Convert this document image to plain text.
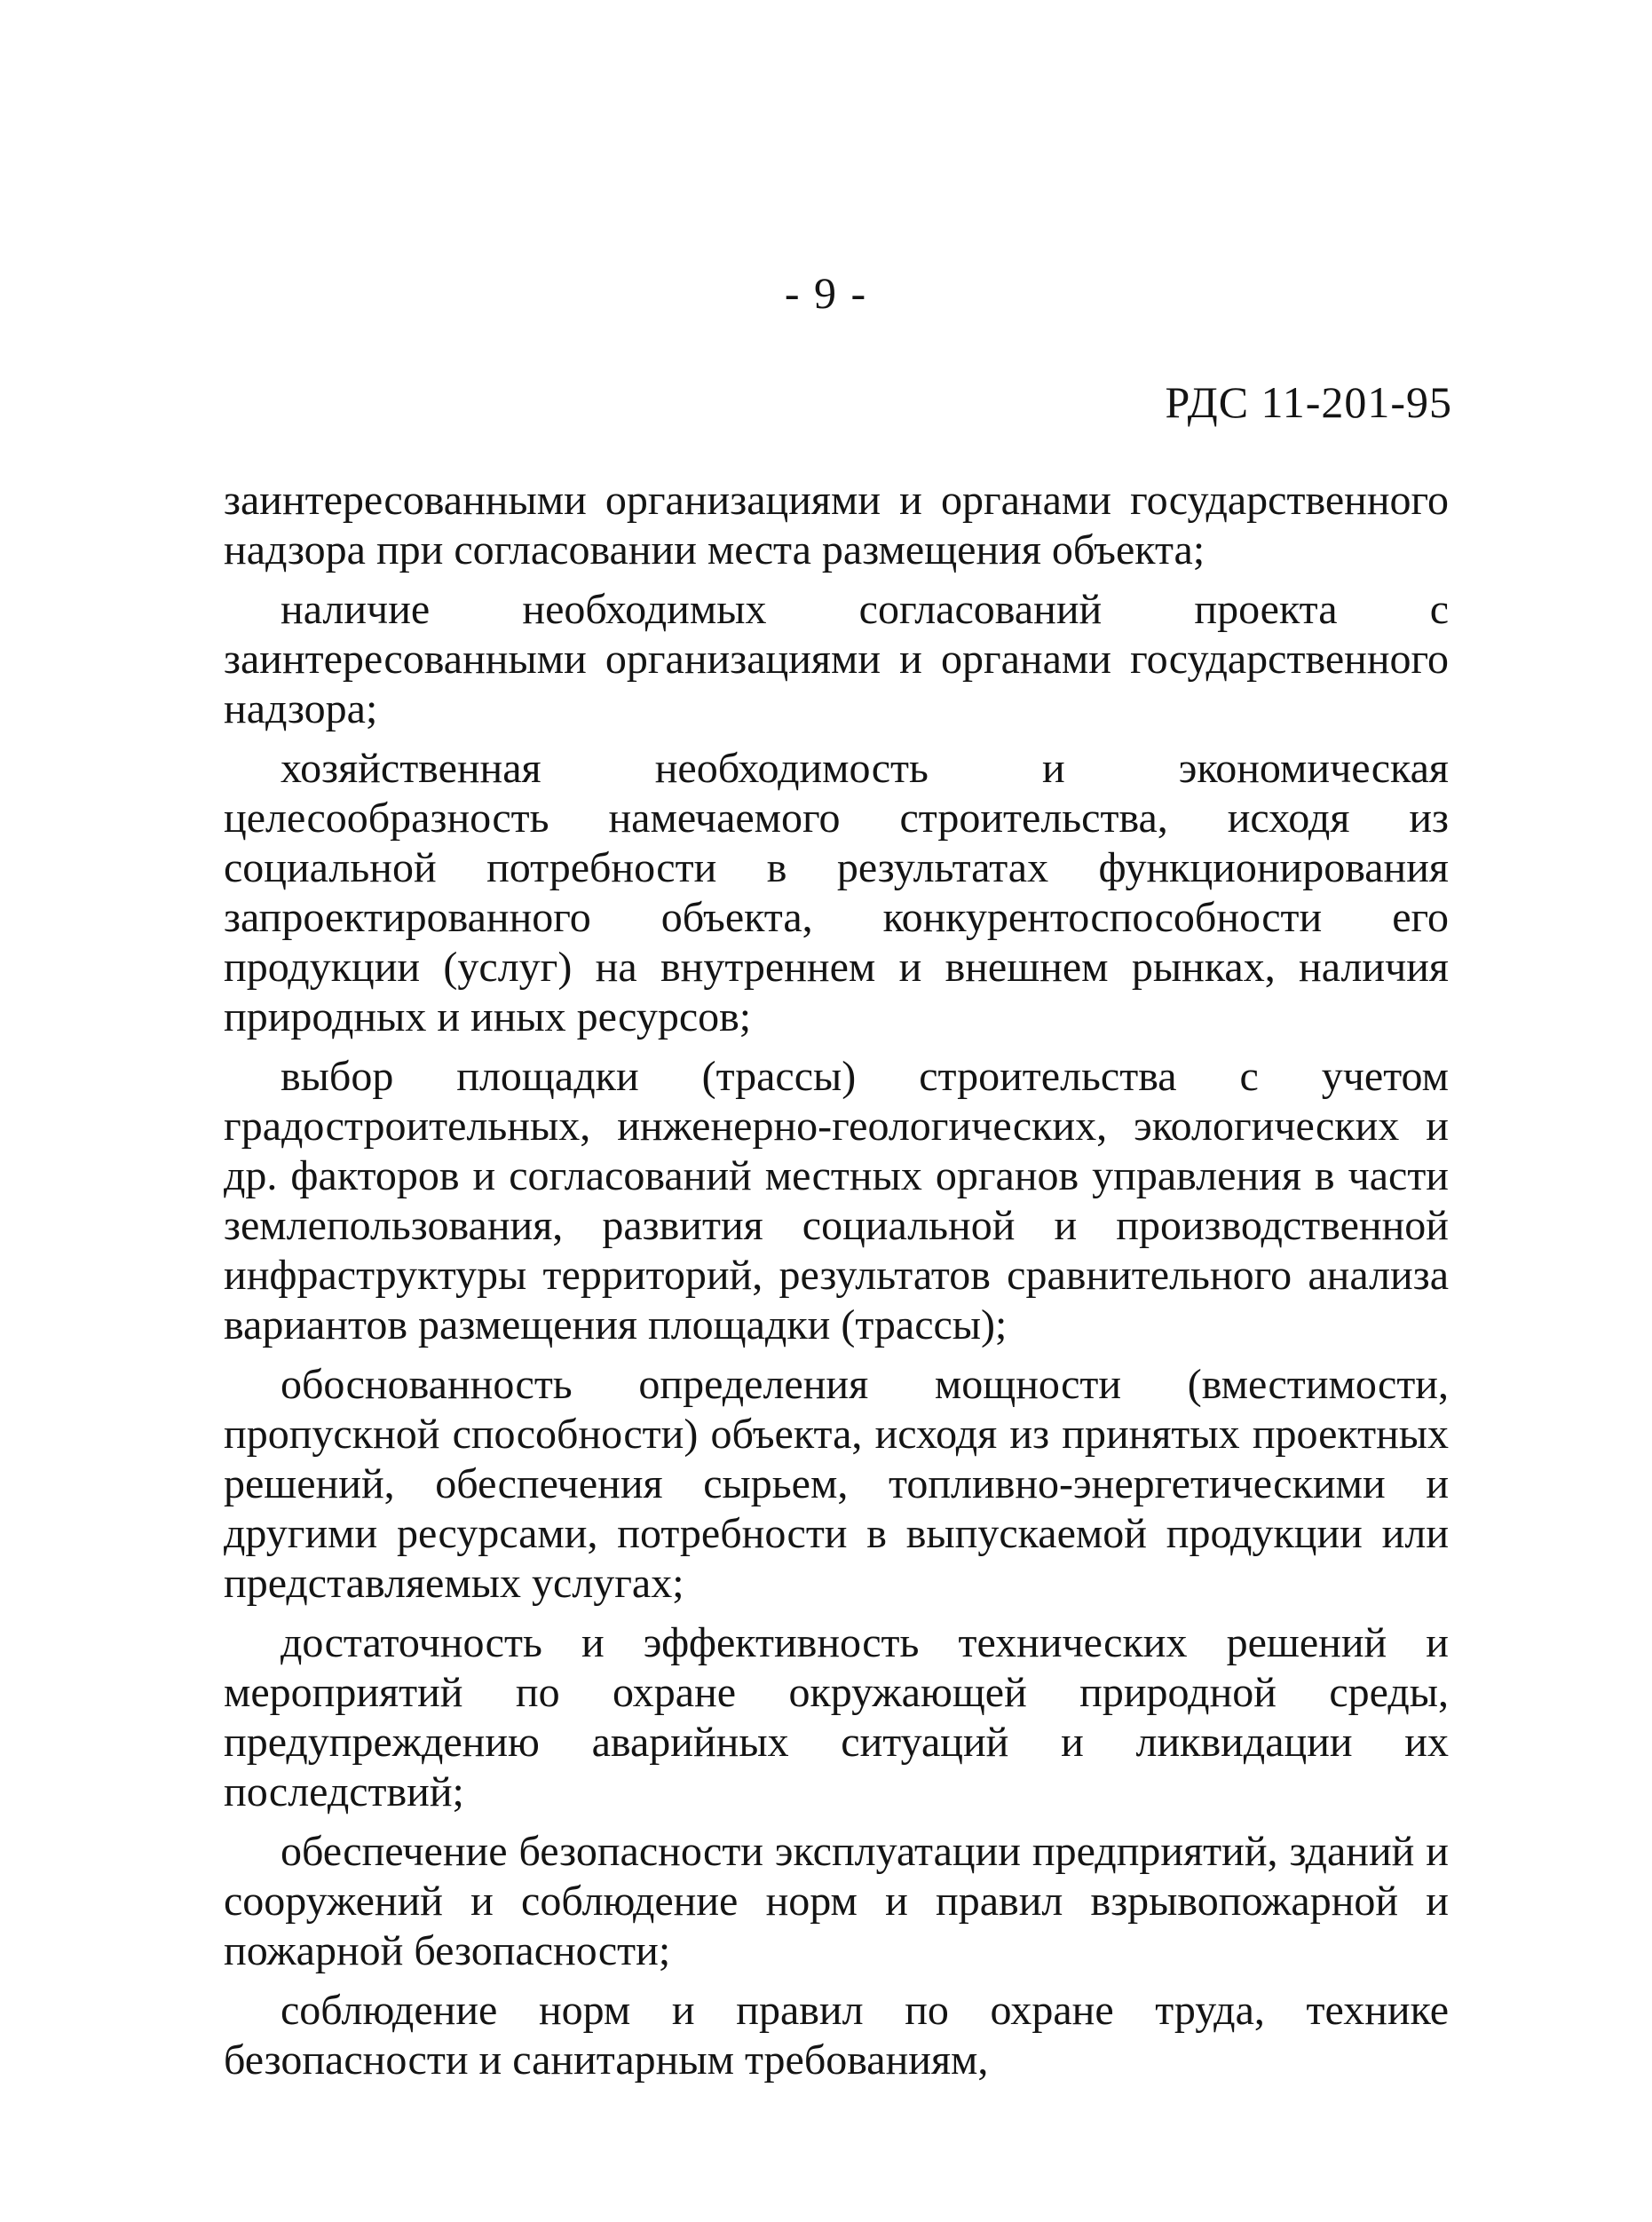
- 9 -
РДС 11-201-95

заинтересованными организациями и органами государственного надзора при согласовании места размещения объекта;

наличие необходимых согласований проекта с заинтересованными организациями и органами государственного надзора;

хозяйственная необходимость и экономическая целесообразность намечаемого строительства, исходя из социальной потребности в результатах функционирования запроектированного объекта, конкурентоспособности его продукции (услуг) на внутреннем и внешнем рынках, наличия природных и иных ресурсов;

выбор площадки (трассы) строительства с учетом градостроительных, инженерно-геологических, экологических и др. факторов и согласований местных органов управления в части землепользования, развития социальной и производственной инфраструктуры территорий, результатов сравнительного анализа вариантов размещения площадки (трассы);

обоснованность определения мощности (вместимости, пропускной способности) объекта, исходя из принятых проектных решений, обеспечения сырьем, топливно-энергетическими и другими ресурсами, потребности в выпускаемой продукции или представляемых услугах;

достаточность и эффективность технических решений и мероприятий по охране окружающей природной среды, предупреждению аварийных ситуаций и ликвидации их последствий;

обеспечение безопасности эксплуатации предприятий, зданий и сооружений и соблюдение норм и правил взрывопожарной и пожарной безопасности;

соблюдение норм и правил по охране труда, технике безопасности и санитарным требованиям,
